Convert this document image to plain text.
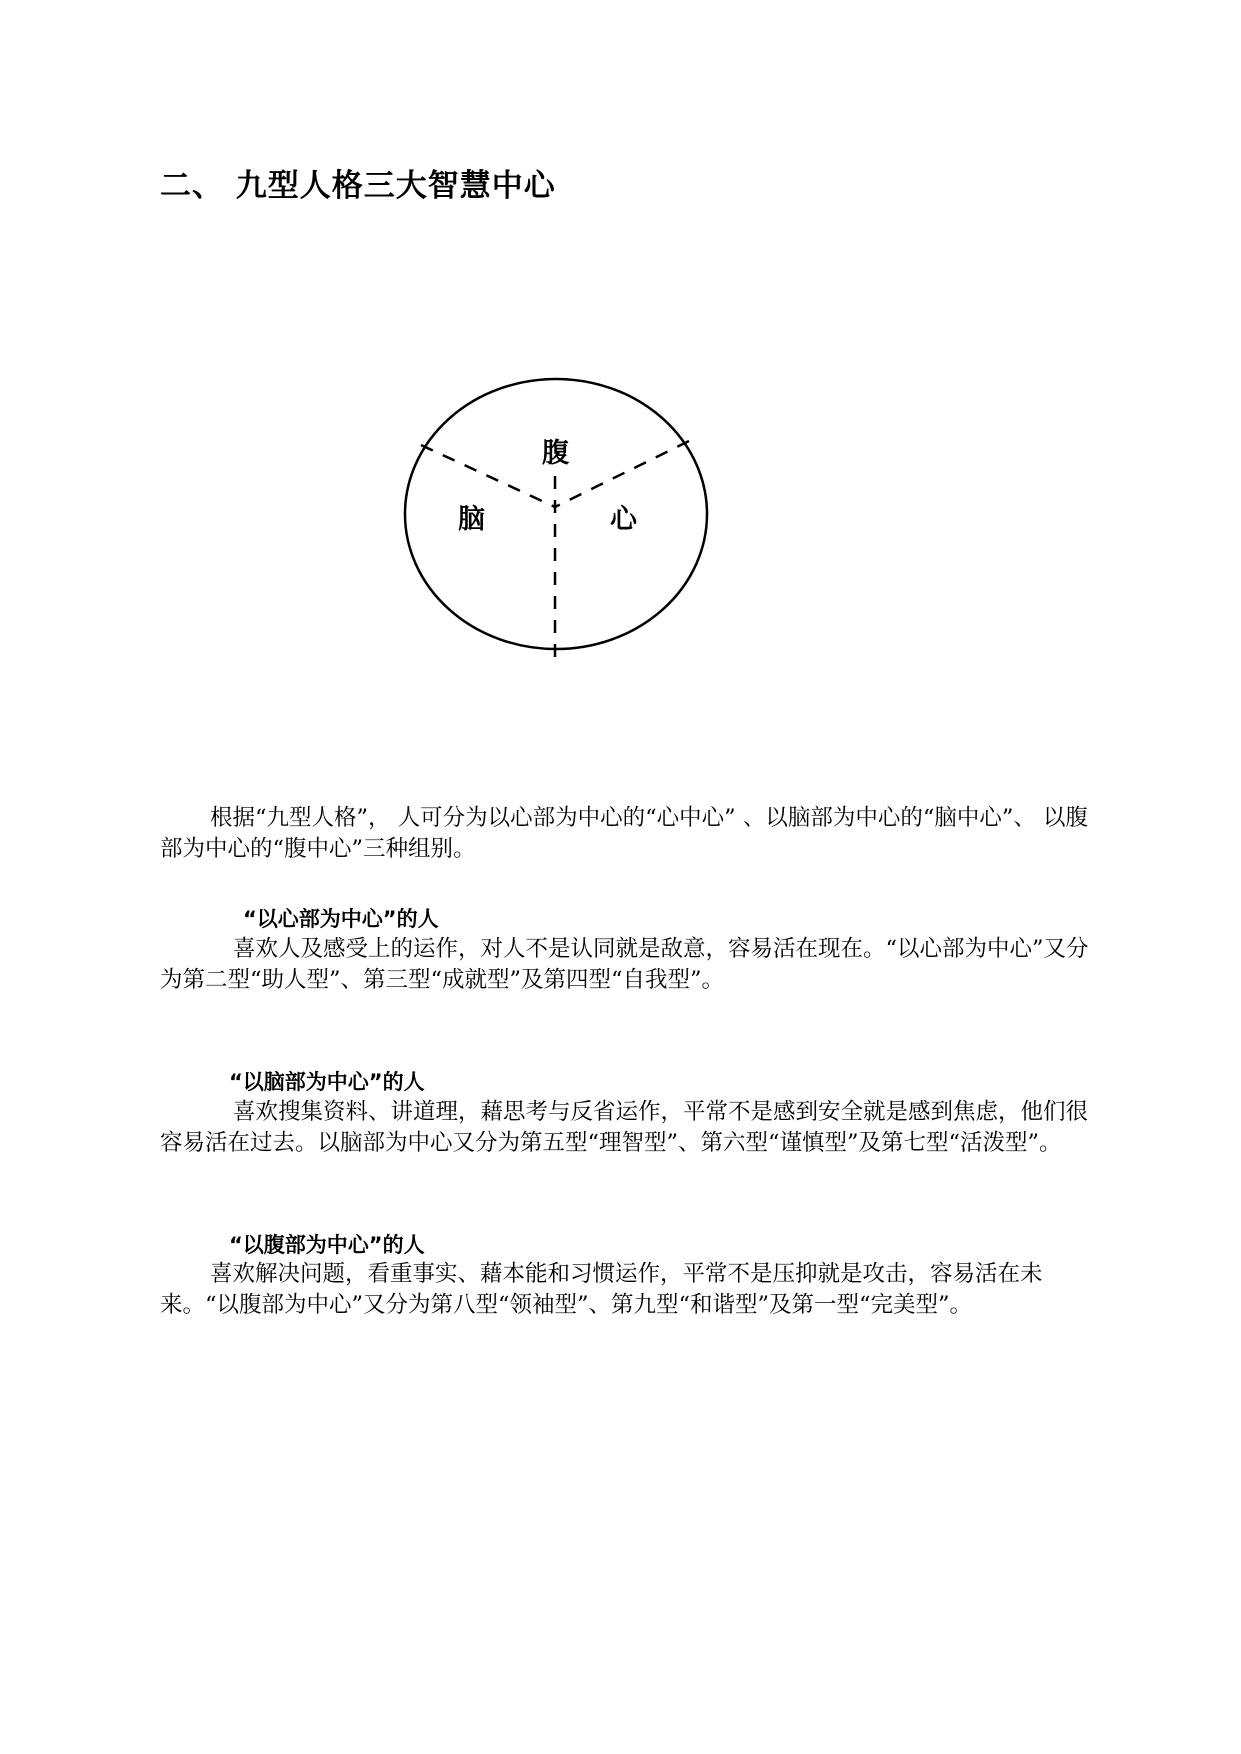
二、 九型人格三大智慧中心
腹
脑	心

根据“九型人格”， 人可分为以心部为中心的“心中心” 、以脑部为中心的“脑中心”、 以腹部为中心的“腹中心”三种组别。

“以心部为中心”的人

喜欢人及感受上的运作，对人不是认同就是敌意，容易活在现在。“以心部为中心”又分为第二型“助人型”、第三型“成就型”及第四型“自我型”。

“以脑部为中心”的人

喜欢搜集资料、讲道理，藉思考与反省运作，平常不是感到安全就是感到焦虑，他们很容易活在过去。以脑部为中心又分为第五型“理智型”、第六型“谨慎型”及第七型“活泼型”。

“以腹部为中心”的人

喜欢解决问题，看重事实、藉本能和习惯运作，平常不是压抑就是攻击，容易活在未来。“以腹部为中心”又分为第八型“领袖型”、第九型“和谐型”及第一型“完美型”。
